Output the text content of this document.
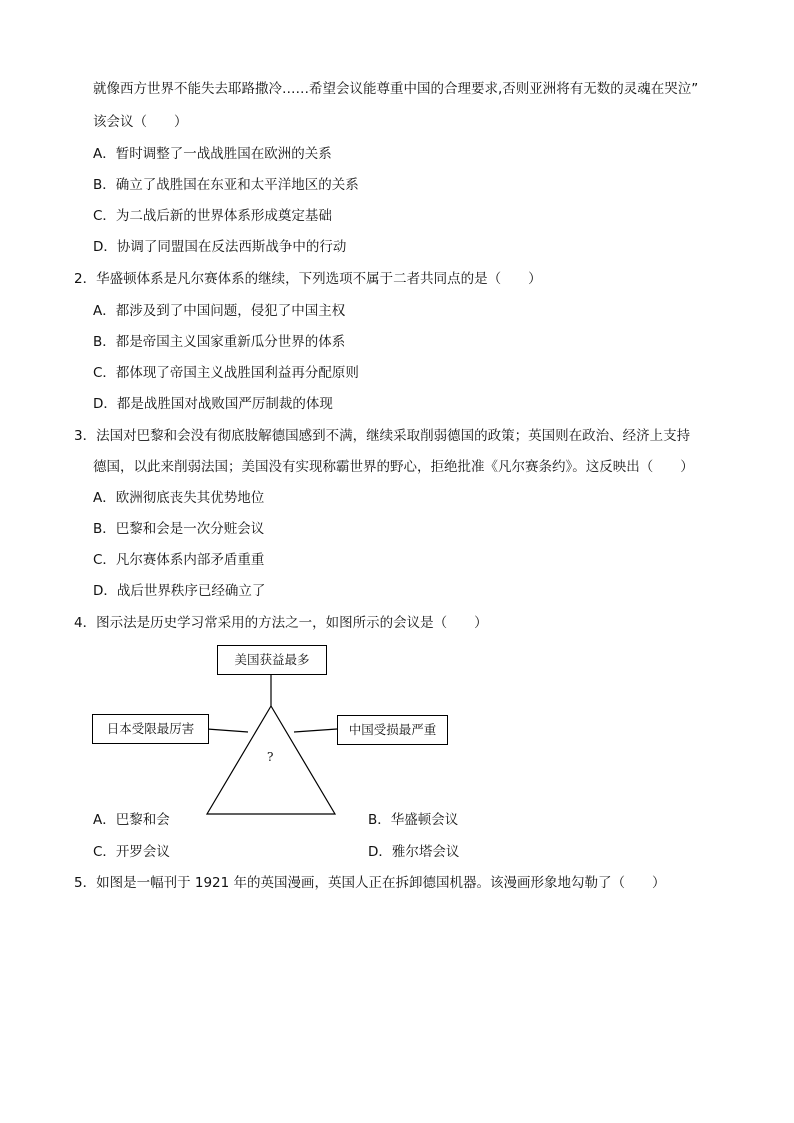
就像西方世界不能失去耶路撒冷……希望会议能尊重中国的合理要求,否则亚洲将有无数的灵魂在哭泣”
该会议（　　）
A．暂时调整了一战战胜国在欧洲的关系
B．确立了战胜国在东亚和太平洋地区的关系
C．为二战后新的世界体系形成奠定基础
D．协调了同盟国在反法西斯战争中的行动
2．华盛顿体系是凡尔赛体系的继续，下列选项不属于二者共同点的是（　　）
A．都涉及到了中国问题，侵犯了中国主权
B．都是帝国主义国家重新瓜分世界的体系
C．都体现了帝国主义战胜国利益再分配原则
D．都是战胜国对战败国严厉制裁的体现
3．法国对巴黎和会没有彻底肢解德国感到不满，继续采取削弱德国的政策；英国则在政治、经济上支持
德国，以此来削弱法国；美国没有实现称霸世界的野心，拒绝批准《凡尔赛条约》。这反映出（　　）
A．欧洲彻底丧失其优势地位
B．巴黎和会是一次分赃会议
C．凡尔赛体系内部矛盾重重
D．战后世界秩序已经确立了
4．图示法是历史学习常采用的方法之一，如图所示的会议是（　　）
美国获益最多
日本受限最厉害	中国受损最严重
?
A．巴黎和会	B．华盛顿会议
C．开罗会议	D．雅尔塔会议
5．如图是一幅刊于 1921 年的英国漫画，英国人正在拆卸德国机器。该漫画形象地勾勒了（　　）
